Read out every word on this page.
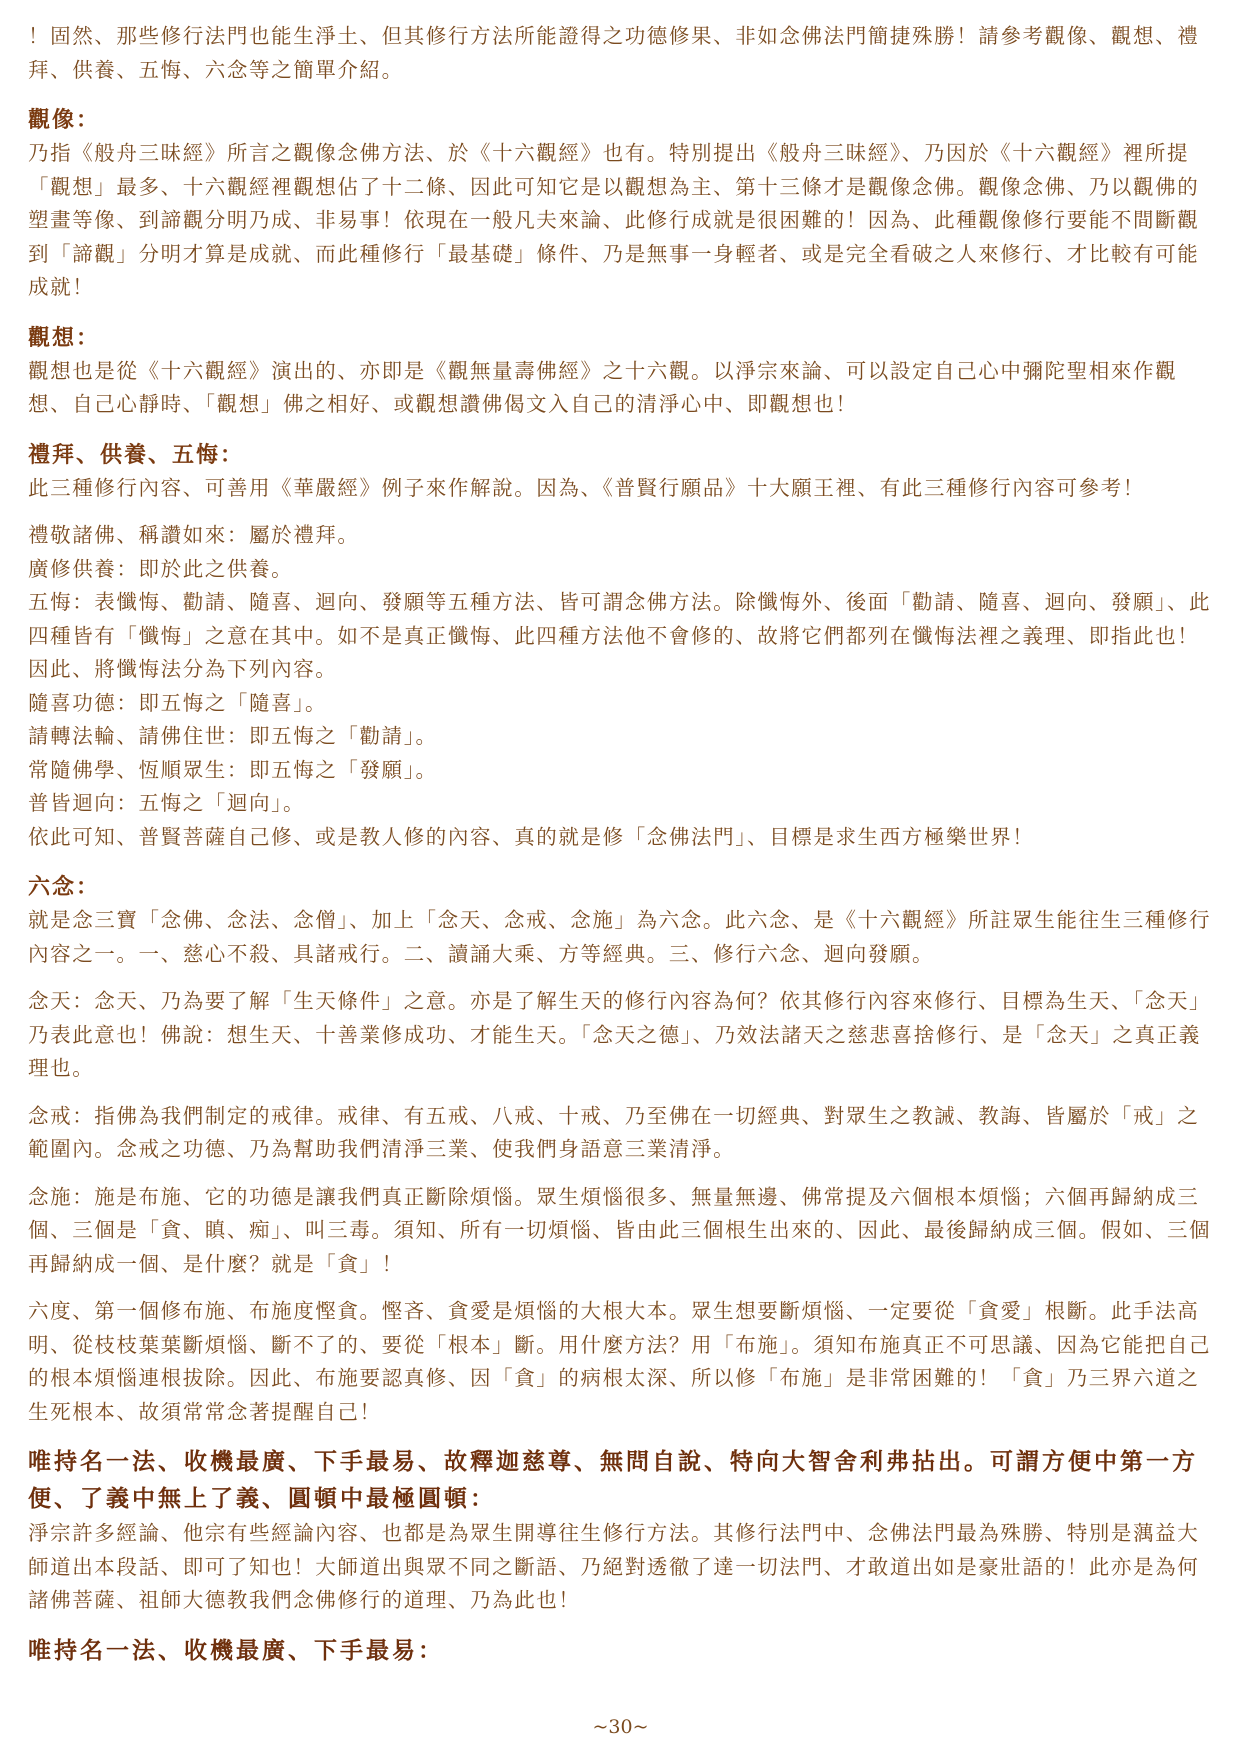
！固然、那些修行法門也能生淨土、但其修行方法所能證得之功德修果、非如念佛法門簡捷殊勝！請參考觀像、觀想、禮拜、供養、五悔、六念等之簡單介紹。

觀像：

乃指《般舟三昧經》所言之觀像念佛方法、於《十六觀經》也有。特別提出《般舟三昧經》、乃因於《十六觀經》裡所提「觀想」最多、十六觀經裡觀想佔了十二條、因此可知它是以觀想為主、第十三條才是觀像念佛。觀像念佛、乃以觀佛的塑畫等像、到諦觀分明乃成、非易事！依現在一般凡夫來論、此修行成就是很困難的！因為、此種觀像修行要能不間斷觀到「諦觀」分明才算是成就、而此種修行「最基礎」條件、乃是無事一身輕者、或是完全看破之人來修行、才比較有可能成就！

觀想：

觀想也是從《十六觀經》演出的、亦即是《觀無量壽佛經》之十六觀。以淨宗來論、可以設定自己心中彌陀聖相來作觀想、自己心靜時、「觀想」佛之相好、或觀想讚佛偈文入自己的清淨心中、即觀想也！

禮拜、供養、五悔：

此三種修行內容、可善用《華嚴經》例子來作解說。因為、《普賢行願品》十大願王裡、有此三種修行內容可參考！

禮敬諸佛、稱讚如來：屬於禮拜。

廣修供養：即於此之供養。

五悔：表懺悔、勸請、隨喜、迴向、發願等五種方法、皆可謂念佛方法。除懺悔外、後面「勸請、隨喜、迴向、發願」、此四種皆有「懺悔」之意在其中。如不是真正懺悔、此四種方法他不會修的、故將它們都列在懺悔法裡之義理、即指此也！因此、將懺悔法分為下列內容。

隨喜功德：即五悔之「隨喜」。

請轉法輪、請佛住世：即五悔之「勸請」。

常隨佛學、恆順眾生：即五悔之「發願」。

普皆迴向：五悔之「迴向」。

依此可知、普賢菩薩自己修、或是教人修的內容、真的就是修「念佛法門」、目標是求生西方極樂世界！

六念：

就是念三寶「念佛、念法、念僧」、加上「念天、念戒、念施」為六念。此六念、是《十六觀經》所註眾生能往生三種修行內容之一。一、慈心不殺、具諸戒行。二、讀誦大乘、方等經典。三、修行六念、迴向發願。

念天：念天、乃為要了解「生天條件」之意。亦是了解生天的修行內容為何？依其修行內容來修行、目標為生天、「念天」乃表此意也！佛說：想生天、十善業修成功、才能生天。「念天之德」、乃效法諸天之慈悲喜捨修行、是「念天」之真正義理也。

念戒：指佛為我們制定的戒律。戒律、有五戒、八戒、十戒、乃至佛在一切經典、對眾生之教誡、教誨、皆屬於「戒」之範圍內。念戒之功德、乃為幫助我們清淨三業、使我們身語意三業清淨。

念施：施是布施、它的功德是讓我們真正斷除煩惱。眾生煩惱很多、無量無邊、佛常提及六個根本煩惱；六個再歸納成三個、三個是「貪、瞋、痴」、叫三毒。須知、所有一切煩惱、皆由此三個根生出來的、因此、最後歸納成三個。假如、三個再歸納成一個、是什麼？就是「貪」！

六度、第一個修布施、布施度慳貪。慳吝、貪愛是煩惱的大根大本。眾生想要斷煩惱、一定要從「貪愛」根斷。此手法高明、從枝枝葉葉斷煩惱、斷不了的、要從「根本」斷。用什麼方法？用「布施」。須知布施真正不可思議、因為它能把自己的根本煩惱連根拔除。因此、布施要認真修、因「貪」的病根太深、所以修「布施」是非常困難的！「貪」乃三界六道之生死根本、故須常常念著提醒自己！

唯持名一法、收機最廣、下手最易、故釋迦慈尊、無問自說、特向大智舍利弗拈出。可謂方便中第一方便、了義中無上了義、圓頓中最極圓頓：

淨宗許多經論、他宗有些經論內容、也都是為眾生開導往生修行方法。其修行法門中、念佛法門最為殊勝、特別是蕅益大師道出本段話、即可了知也！大師道出與眾不同之斷語、乃絕對透徹了達一切法門、才敢道出如是豪壯語的！此亦是為何諸佛菩薩、祖師大德教我們念佛修行的道理、乃為此也！

唯持名一法、收機最廣、下手最易：
~30~
